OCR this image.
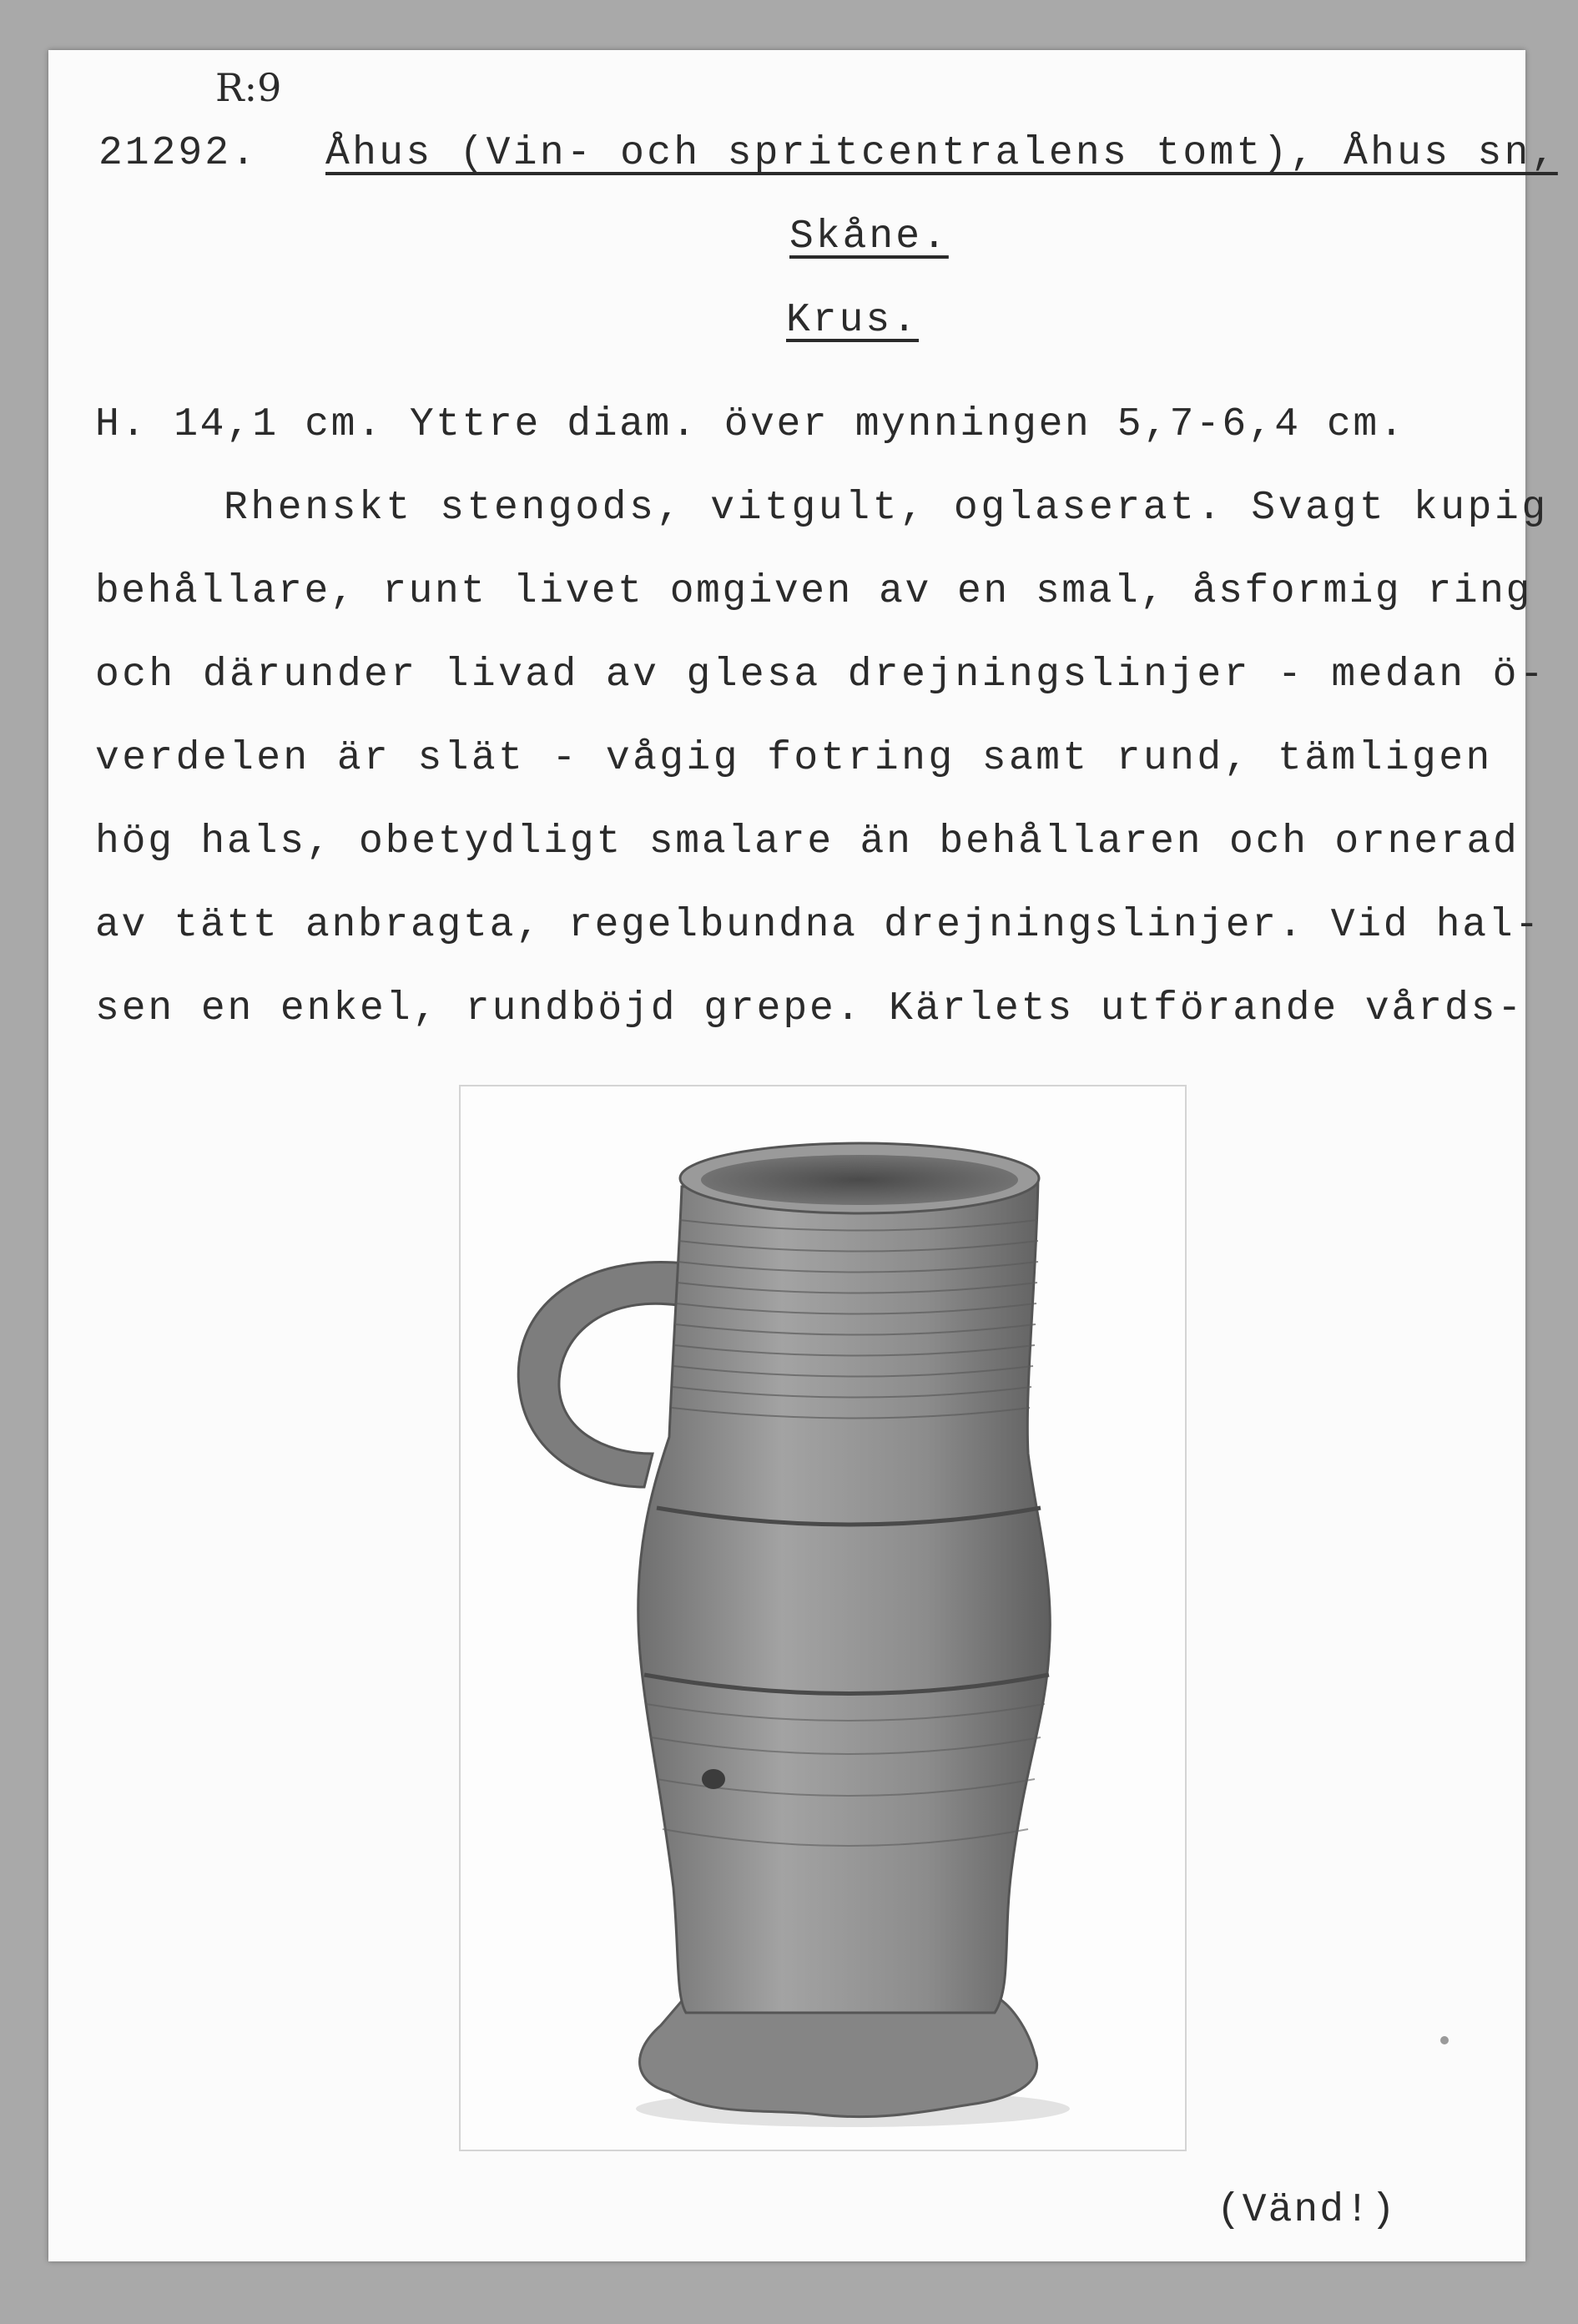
R:9
21292. Åhus (Vin- och spritcentralens tomt), Åhus sn,
Skåne.
Krus.
H. 14,1 cm. Yttre diam. över mynningen 5,7-6,4 cm.
Rhenskt stengods, vitgult, oglaserat. Svagt kupig
behållare, runt livet omgiven av en smal, åsformig ring
och därunder livad av glesa drejningslinjer - medan ö-
verdelen är slät - vågig fotring samt rund, tämligen
hög hals, obetydligt smalare än behållaren och ornerad
av tätt anbragta, regelbundna drejningslinjer. Vid hal-
sen en enkel, rundböjd grepe. Kärlets utförande vårds-
(Vänd!)
